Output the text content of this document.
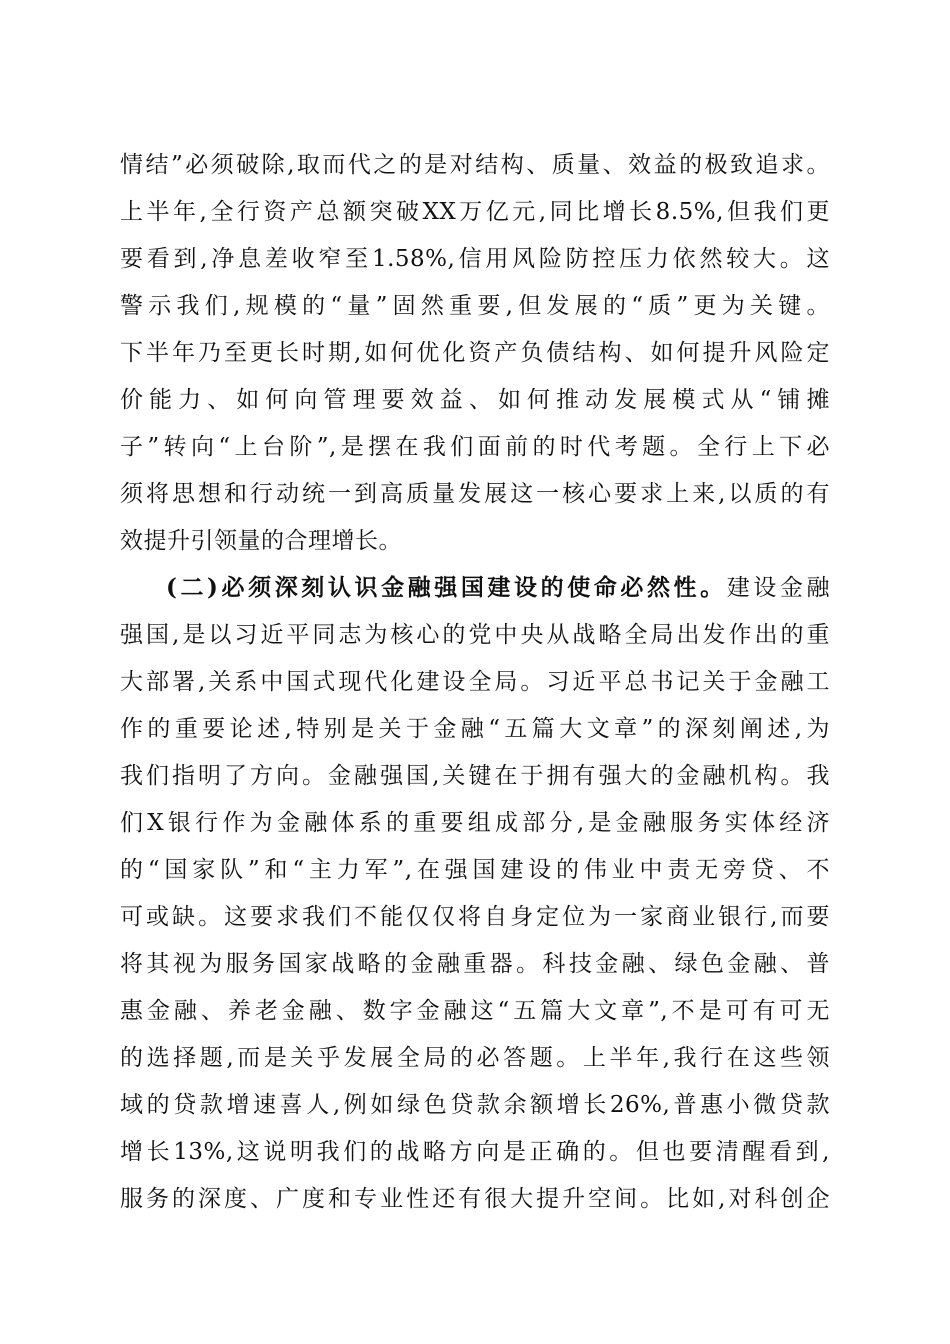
情结”必须破除,取而代之的是对结构、质量、效益的极致追求。
上半年,全行资产总额突破XX万亿元,同比增长8.5%,但我们更
要看到,净息差收窄至1.58%,信用风险防控压力依然较大。这
警示我们,规模的“量”固然重要,但发展的“质”更为关键。
下半年乃至更长时期,如何优化资产负债结构、如何提升风险定
价能力、如何向管理要效益、如何推动发展模式从“铺摊
子”转向“上台阶”,是摆在我们面前的时代考题。全行上下必
须将思想和行动统一到高质量发展这一核心要求上来,以质的有
效提升引领量的合理增长。
(二)必须深刻认识金融强国建设的使命必然性。建设金融
强国,是以习近平同志为核心的党中央从战略全局出发作出的重
大部署,关系中国式现代化建设全局。习近平总书记关于金融工
作的重要论述,特别是关于金融“五篇大文章”的深刻阐述,为
我们指明了方向。金融强国,关键在于拥有强大的金融机构。我
们X银行作为金融体系的重要组成部分,是金融服务实体经济
的“国家队”和“主力军”,在强国建设的伟业中责无旁贷、不
可或缺。这要求我们不能仅仅将自身定位为一家商业银行,而要
将其视为服务国家战略的金融重器。科技金融、绿色金融、普
惠金融、养老金融、数字金融这“五篇大文章”,不是可有可无
的选择题,而是关乎发展全局的必答题。上半年,我行在这些领
域的贷款增速喜人,例如绿色贷款余额增长26%,普惠小微贷款
增长13%,这说明我们的战略方向是正确的。但也要清醒看到,
服务的深度、广度和专业性还有很大提升空间。比如,对科创企
